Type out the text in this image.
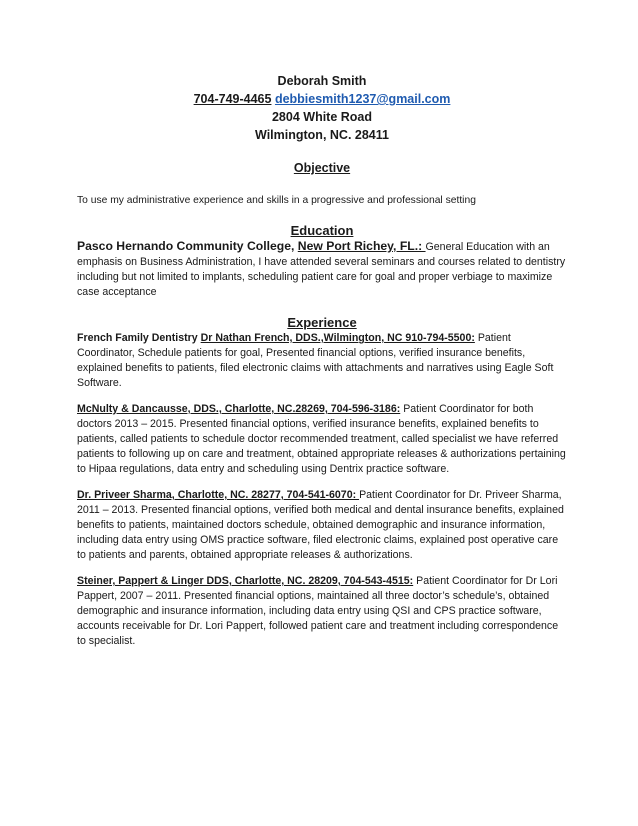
Deborah Smith
704-749-4465 debbiesmith1237@gmail.com
2804 White Road
Wilmington, NC. 28411
Objective

To use my administrative experience and skills in a progressive and professional setting

Education

Pasco Hernando Community College, New Port Richey, FL.: General Education with an emphasis on Business Administration, I have attended several seminars and courses related to dentistry including but not limited to implants, scheduling patient care for goal and proper verbiage to maximize case acceptance

Experience

French Family Dentistry Dr Nathan French, DDS.,Wilmington, NC 910-794-5500: Patient Coordinator, Schedule patients for goal, Presented financial options, verified insurance benefits, explained benefits to patients, filed electronic claims with attachments and narratives using Eagle Soft Software.

McNulty & Dancausse, DDS., Charlotte, NC.28269, 704-596-3186: Patient Coordinator for both doctors 2013 – 2015. Presented financial options, verified insurance benefits, explained benefits to patients, called patients to schedule doctor recommended treatment, called specialist we have referred patients to following up on care and treatment, obtained appropriate releases & authorizations pertaining to Hipaa regulations, data entry and scheduling using Dentrix practice software.

Dr. Priveer Sharma, Charlotte, NC. 28277, 704-541-6070: Patient Coordinator for Dr. Priveer Sharma, 2011 – 2013. Presented financial options, verified both medical and dental insurance benefits, explained benefits to patients, maintained doctors schedule, obtained demographic and insurance information, including data entry using OMS practice software, filed electronic claims, explained post operative care to patients and parents, obtained appropriate releases & authorizations.

Steiner, Pappert & Linger DDS, Charlotte, NC. 28209, 704-543-4515: Patient Coordinator for Dr Lori Pappert, 2007 – 2011. Presented financial options, maintained all three doctor’s schedule’s, obtained demographic and insurance information, including data entry using QSI and CPS practice software, accounts receivable for Dr. Lori Pappert, followed patient care and treatment including correspondence to specialist.
